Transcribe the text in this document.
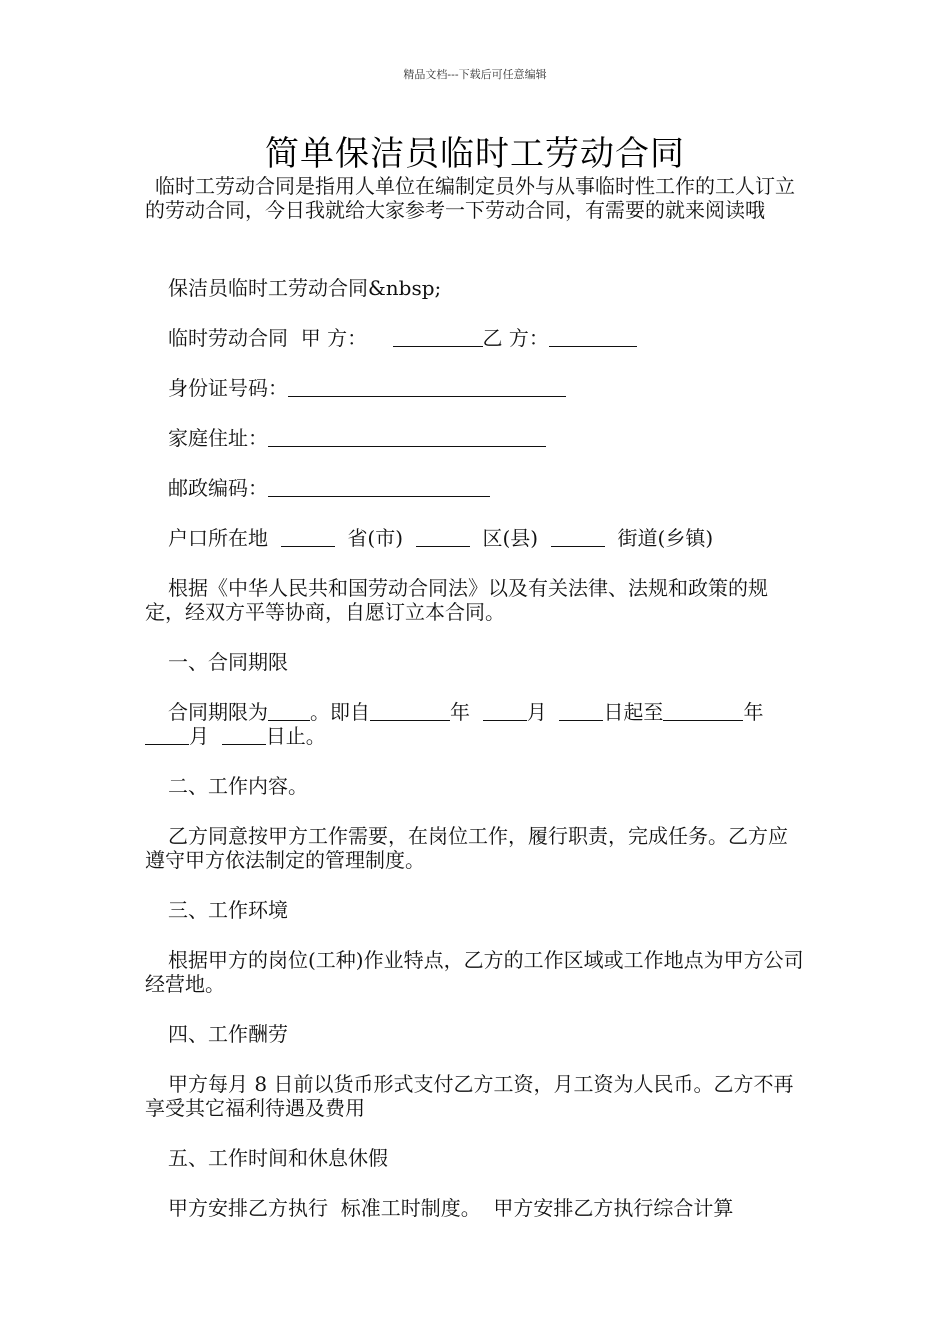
精品文档---下载后可任意编辑
简单保洁员临时工劳动合同

临时工劳动合同是指用人单位在编制定员外与从事临时性工作的工人订立的劳动合同，今日我就给大家参考一下劳动合同，有需要的就来阅读哦

保洁员临时工劳动合同&nbsp;

临时劳动合同 甲 方：	乙 方：

身份证号码：

家庭住址：

邮政编码：

户口所在地	省(市)	区(县)	街道(乡镇)

根据《中华人民共和国劳动合同法》以及有关法律、法规和政策的规定，经双方平等协商，自愿订立本合同。

一、合同期限

合同期限为 。即自	年	月	日起至	年
月	日止。

二、工作内容。

乙方同意按甲方工作需要，在岗位工作，履行职责，完成任务。乙方应遵守甲方依法制定的管理制度。

三、工作环境

根据甲方的岗位(工种)作业特点，乙方的工作区域或工作地点为甲方公司经营地。

四、工作酬劳

甲方每月 8 日前以货币形式支付乙方工资，月工资为人民币。乙方不再享受其它福利待遇及费用

五、工作时间和休息休假

甲方安排乙方执行  标准工时制度。  甲方安排乙方执行综合计算
